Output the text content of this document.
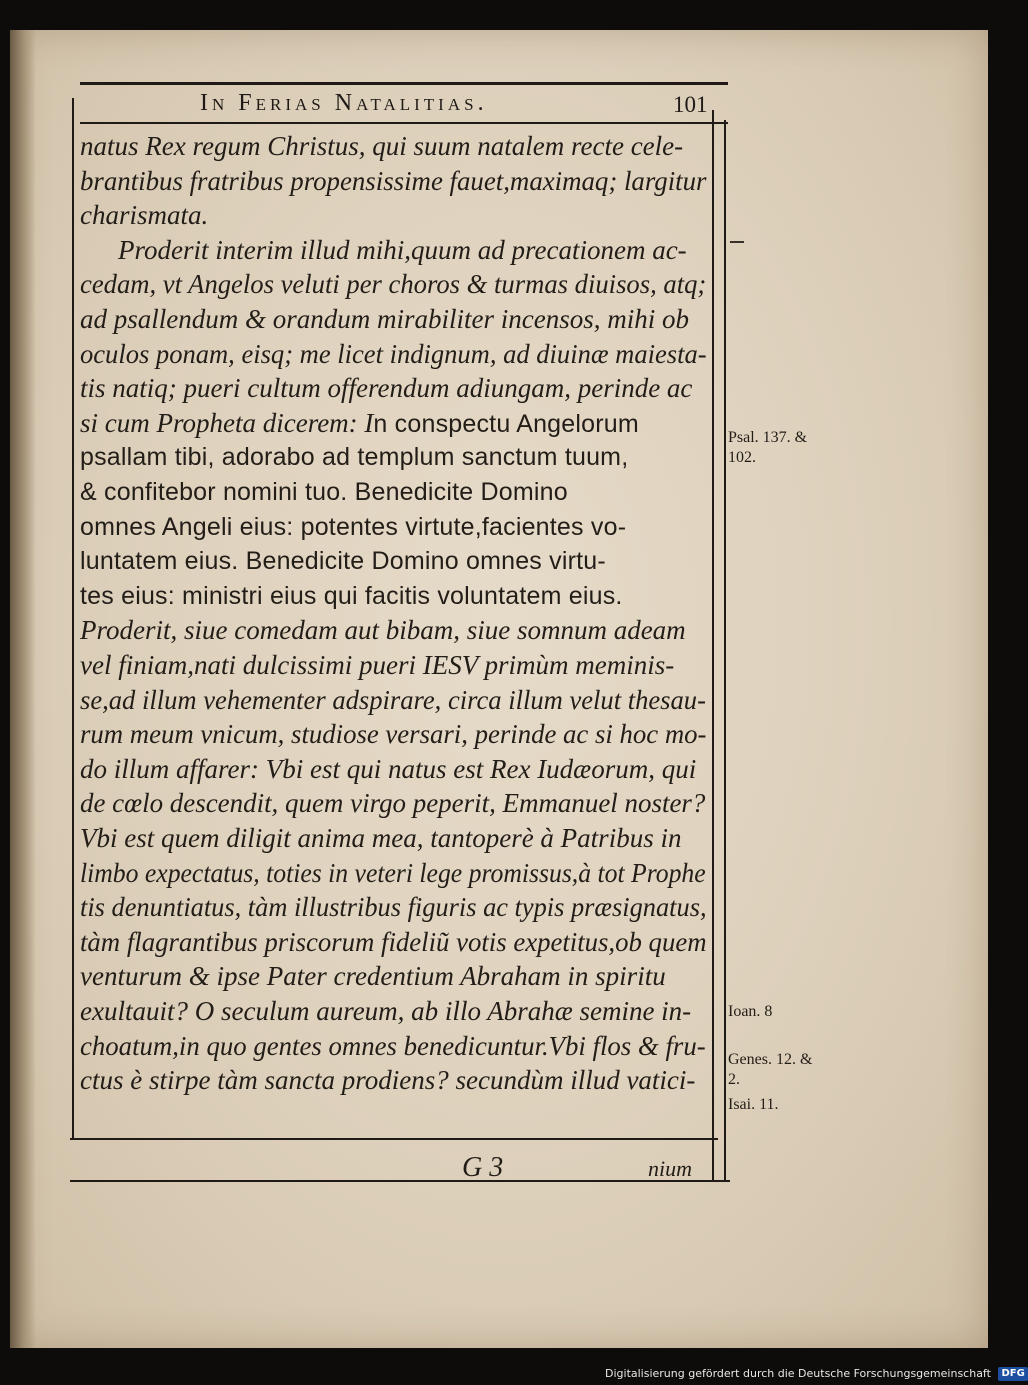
In Ferias Natalitias.	101
natus Rex regum Christus, qui suum natalem recte cele-
brantibus fratribus propensissime fauet,maximaq; largitur
charismata.
Proderit interim illud mihi,quum ad precationem ac-
cedam, vt Angelos veluti per choros & turmas diuisos, atq;
ad psallendum & orandum mirabiliter incensos, mihi ob
oculos ponam, eisq; me licet indignum, ad diuinæ maiesta-
tis natiq; pueri cultum offerendum adiungam, perinde ac
si cum Propheta dicerem: In conspectu Angelorum
psallam tibi, adorabo ad templum sanctum tuum,
& confitebor nomini tuo. Benedicite Domino
omnes Angeli eius: potentes virtute,facientes vo-
luntatem eius. Benedicite Domino omnes virtu-
tes eius: ministri eius qui facitis voluntatem eius.
Proderit, siue comedam aut bibam, siue somnum adeam
vel finiam,nati dulcissimi pueri IESV primùm meminis-
se,ad illum vehementer adspirare, circa illum velut thesau-
rum meum vnicum, studiose versari, perinde ac si hoc mo-
do illum affarer: Vbi est qui natus est Rex Iudæorum, qui
de cœlo descendit, quem virgo peperit, Emmanuel noster?
Vbi est quem diligit anima mea, tantoperè à Patribus in
limbo expectatus, toties in veteri lege promissus,à tot Prophe
tis denuntiatus, tàm illustribus figuris ac typis præsignatus,
tàm flagrantibus priscorum fideliũ votis expetitus,ob quem
venturum & ipse Pater credentium Abraham in spiritu
exultauit? O seculum aureum, ab illo Abrahæ semine in-
choatum,in quo gentes omnes benedicuntur.Vbi flos & fru-
ctus è stirpe tàm sancta prodiens? secundùm illud vatici-
Psal. 137. &
102.
Ioan. 8
Genes. 12. &
2.
Isai. 11.
G 3	nium
Digitalisierung gefördert durch die Deutsche Forschungsgemeinschaft DFG
